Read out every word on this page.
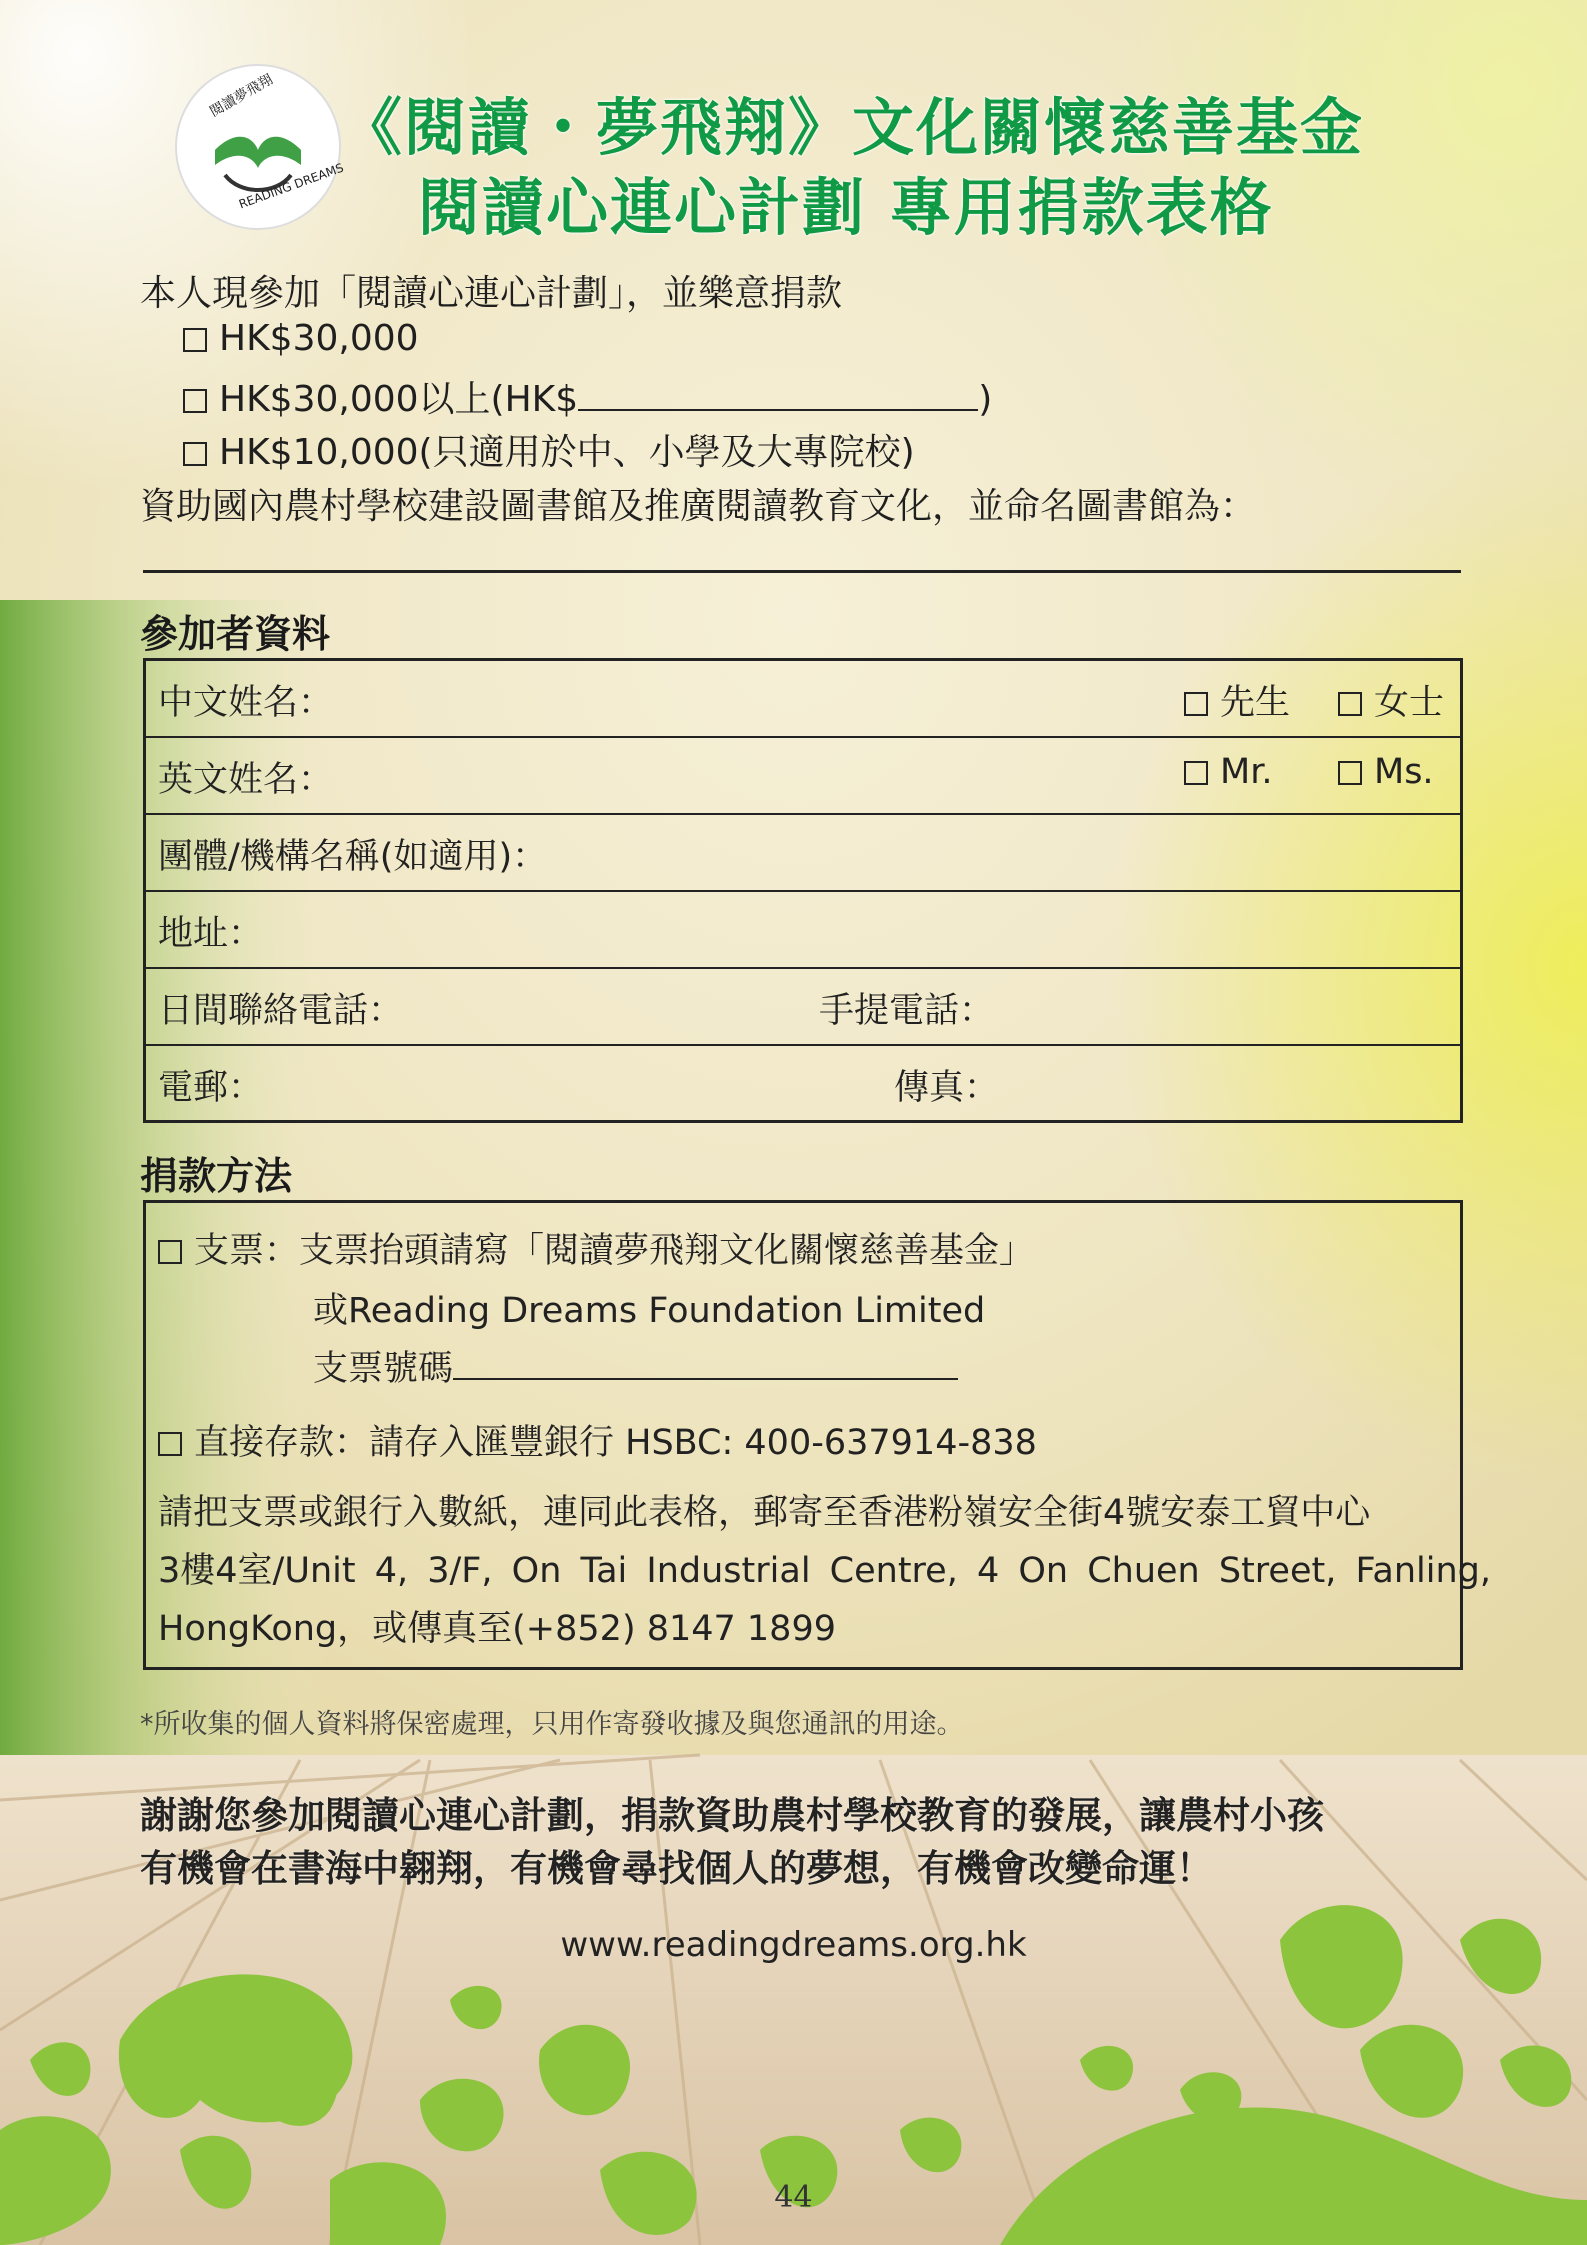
READING DREAMS
閱讀夢飛翔 《閱讀・夢飛翔》文化關懷慈善基金
閱讀心連心計劃 專用捐款表格
本人現參加「閱讀心連心計劃」，並樂意捐款
HK$30,000
HK$30,000以上(HK$	)
HK$10,000(只適用於中、小學及大專院校)
資助國內農村學校建設圖書館及推廣閱讀教育文化，並命名圖書館為：
參加者資料
中文姓名：	先生	女士
英文姓名：	Mr.	Ms.
團體/機構名稱(如適用)：
地址：
日間聯絡電話：	手提電話：
電郵：	傳真：
捐款方法
支票：支票抬頭請寫「閱讀夢飛翔文化關懷慈善基金」
或Reading Dreams Foundation Limited
支票號碼
直接存款：請存入匯豐銀行 HSBC: 400-637914-838
請把支票或銀行入數紙，連同此表格，郵寄至香港粉嶺安全街4號安泰工貿中心
3樓4室/Unit 4, 3/F, On Tai Industrial Centre, 4 On Chuen Street, Fanling,
HongKong，或傳真至(+852) 8147 1899
*所收集的個人資料將保密處理，只用作寄發收據及與您通訊的用途。
謝謝您參加閱讀心連心計劃，捐款資助農村學校教育的發展，讓農村小孩
有機會在書海中翱翔，有機會尋找個人的夢想，有機會改變命運！
www.readingdreams.org.hk
44
